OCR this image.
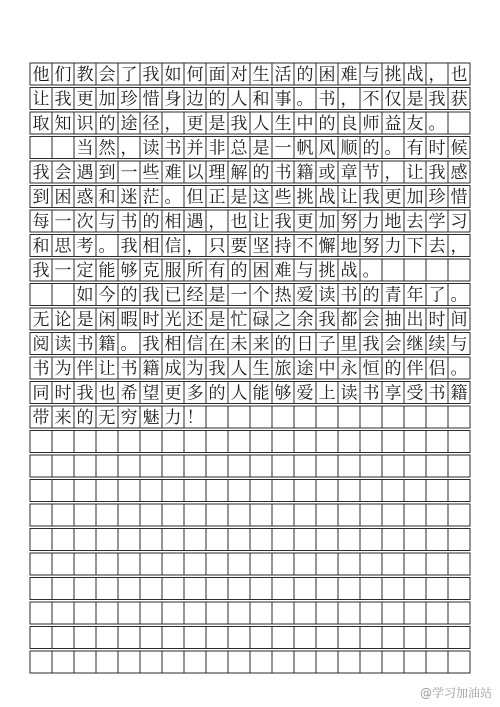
他 们 教 会 了 我 如 何 面 对 生 活 的 困 难 与 挑 战 ， 也
让 我 更 加 珍 惜 身 边 的 人 和 事 。 书 ， 不 仅 是 我 获
取 知 识 的 途 径 ， 更 是 我 人 生 中 的 良 师 益 友 。
当 然 ， 读 书 并 非 总 是 一 帆 风 顺 的 。 有 时 候
我 会 遇 到 一 些 难 以 理 解 的 书 籍 或 章 节 ， 让 我 感
到 困 惑 和 迷 茫 。 但 正 是 这 些 挑 战 让 我 更 加 珍 惜
每 一 次 与 书 的 相 遇 ， 也 让 我 更 加 努 力 地 去 学 习
和 思 考 。 我 相 信 ， 只 要 坚 持 不 懈 地 努 力 下 去 ，
我 一 定 能 够 克 服 所 有 的 困 难 与 挑 战 。
如 今 的 我 已 经 是 一 个 热 爱 读 书 的 青 年 了 。
无 论 是 闲 暇 时 光 还 是 忙 碌 之 余 我 都 会 抽 出 时 间
阅 读 书 籍 。 我 相 信 在 未 来 的 日 子 里 我 会 继 续 与
书 为 伴 让 书 籍 成 为 我 人 生 旅 途 中 永 恒 的 伴 侣 。
同 时 我 也 希 望 更 多 的 人 能 够 爱 上 读 书 享 受 书 籍
带 来 的 无 穷 魅 力 ！
@学习加油站
